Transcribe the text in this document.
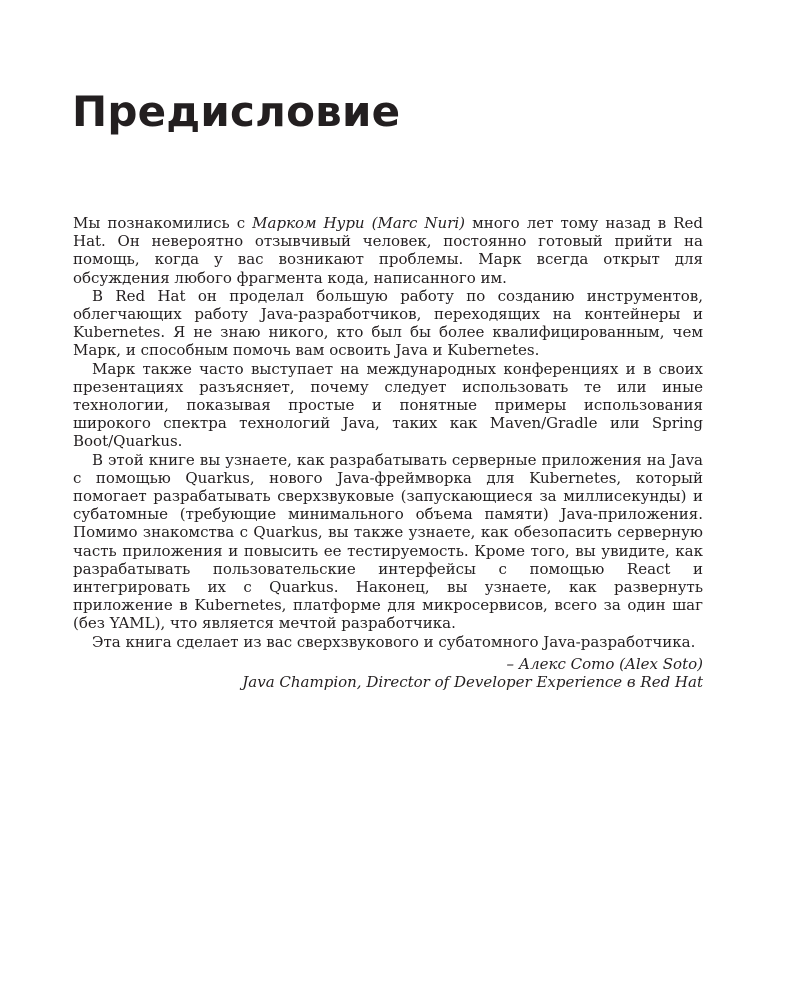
Предисловие

Мы познакомились с Марком Нури (Marc Nuri) много лет тому назад в Red Hat. Он невероятно отзывчивый человек, постоянно готовый прийти на помощь, когда у вас возникают проблемы. Марк всегда открыт для обсуждения любого фрагмента кода, написанного им.

В Red Hat он проделал большую работу по созданию инструментов, облегчающих работу Java-разработчиков, переходящих на контейнеры и Kubernetes. Я не знаю никого, кто был бы более квалифицированным, чем Марк, и способным помочь вам освоить Java и Kubernetes.

Марк также часто выступает на международных конференциях и в своих презентациях разъясняет, почему следует использовать те или иные технологии, показывая простые и понятные примеры использования широкого спектра технологий Java, таких как Maven/Gradle или Spring Boot/Quarkus.

В этой книге вы узнаете, как разрабатывать серверные приложения на Java с помощью Quarkus, нового Java-фреймворка для Kubernetes, который помогает разрабатывать сверхзвуковые (запускающиеся за миллисекунды) и субатомные (требующие минимального объема памяти) Java-приложения. Помимо знакомства с Quarkus, вы также узнаете, как обезопасить серверную часть приложения и повысить ее тестируемость. Кроме того, вы увидите, как разрабатывать пользовательские интерфейсы с помощью React и интегрировать их с Quarkus. Наконец, вы узнаете, как развернуть приложение в Kubernetes, платформе для микросервисов, всего за один шаг (без YAML), что является мечтой разработчика.

Эта книга сделает из вас сверхзвукового и субатомного Java-разработчика.

– Алекс Сото (Alex Soto)
Java Champion, Director of Developer Experience в Red Hat
